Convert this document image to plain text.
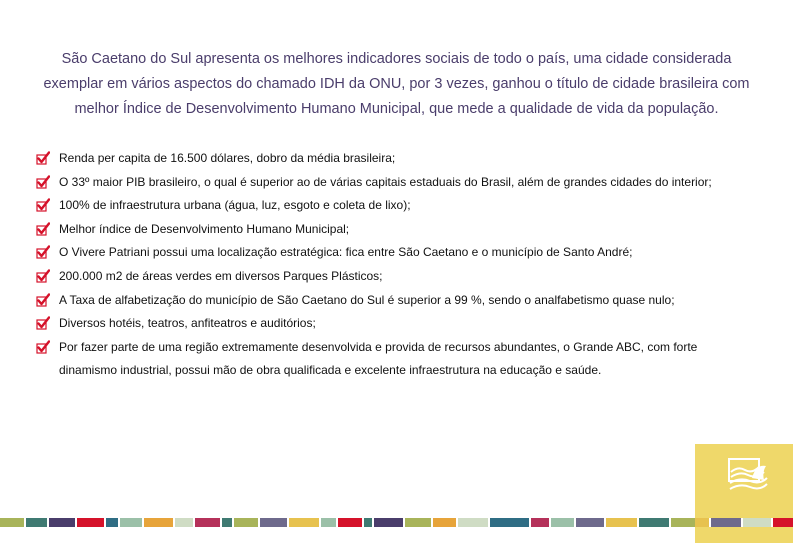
São Caetano do Sul apresenta os melhores indicadores sociais de todo o país, uma cidade considerada exemplar em vários aspectos do chamado IDH da ONU, por 3 vezes, ganhou o título de cidade brasileira com melhor Índice de Desenvolvimento Humano Municipal, que mede a qualidade de vida da população.

Renda per capita de 16.500 dólares, dobro da média brasileira;
O 33º maior PIB brasileiro, o qual é superior ao de várias capitais estaduais do Brasil, além de grandes cidades do interior;
100% de infraestrutura urbana (água, luz, esgoto e coleta de lixo);
Melhor índice de Desenvolvimento Humano Municipal;
O Vivere Patriani possui uma localização estratégica: fica entre São Caetano e o município de Santo André;
200.000 m2 de áreas verdes em diversos Parques Plásticos;
A Taxa de alfabetização do município de São Caetano do Sul é superior a 99 %, sendo o analfabetismo quase nulo;
Diversos hotéis, teatros, anfiteatros e auditórios;
Por fazer parte de uma região extremamente desenvolvida e provida de recursos abundantes, o Grande ABC, com forte dinamismo industrial, possui mão de obra qualificada e excelente infraestrutura na educação e saúde.
